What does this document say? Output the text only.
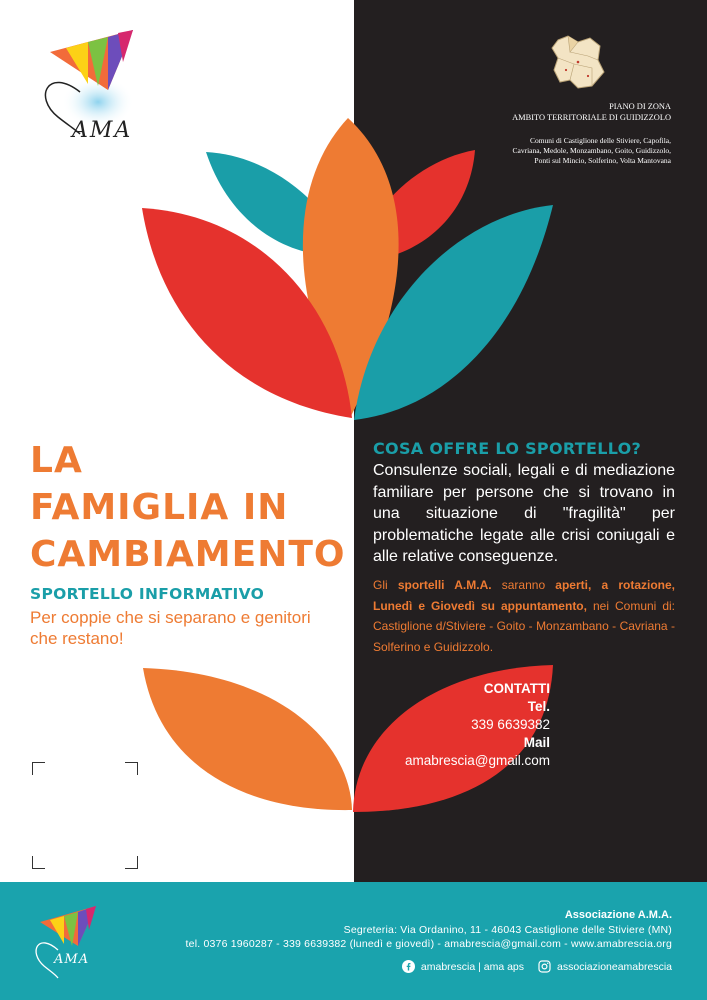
AMA
PIANO DI ZONA
AMBITO TERRITORIALE DI GUIDIZZOLO
Comuni di Castiglione delle Stiviere, Capofila,
Cavriana, Medole, Monzambano, Goito, Guidizzolo,
Ponti sul Mincio, Solferino, Volta Mantovana
LA
FAMIGLIA IN
CAMBIAMENTO
SPORTELLO INFORMATIVO
Per coppie che si separano e genitori che restano!
COSA OFFRE LO SPORTELLO?
Consulenze sociali, legali e di mediazione familiare per persone che si trovano in una situazione di "fragilità" per problematiche legate alle crisi coniugali e alle relative conseguenze.
Gli sportelli A.M.A. saranno aperti, a rotazione, Lunedì e Giovedì su appuntamento, nei Comuni di: Castiglione d/Stiviere - Goito - Monzambano - Cavriana - Solferino e Guidizzolo.
CONTATTI
Tel.
339 6639382
Mail
amabrescia@gmail.com
AMA
Associazione A.M.A.
Segreteria: Via Ordanino, 11 - 46043 Castiglione delle Stiviere (MN)
tel. 0376 1960287 - 339 6639382 (lunedì e giovedì) - amabrescia@gmail.com - www.amabrescia.org
amabrescia | ama aps	associazioneamabrescia
